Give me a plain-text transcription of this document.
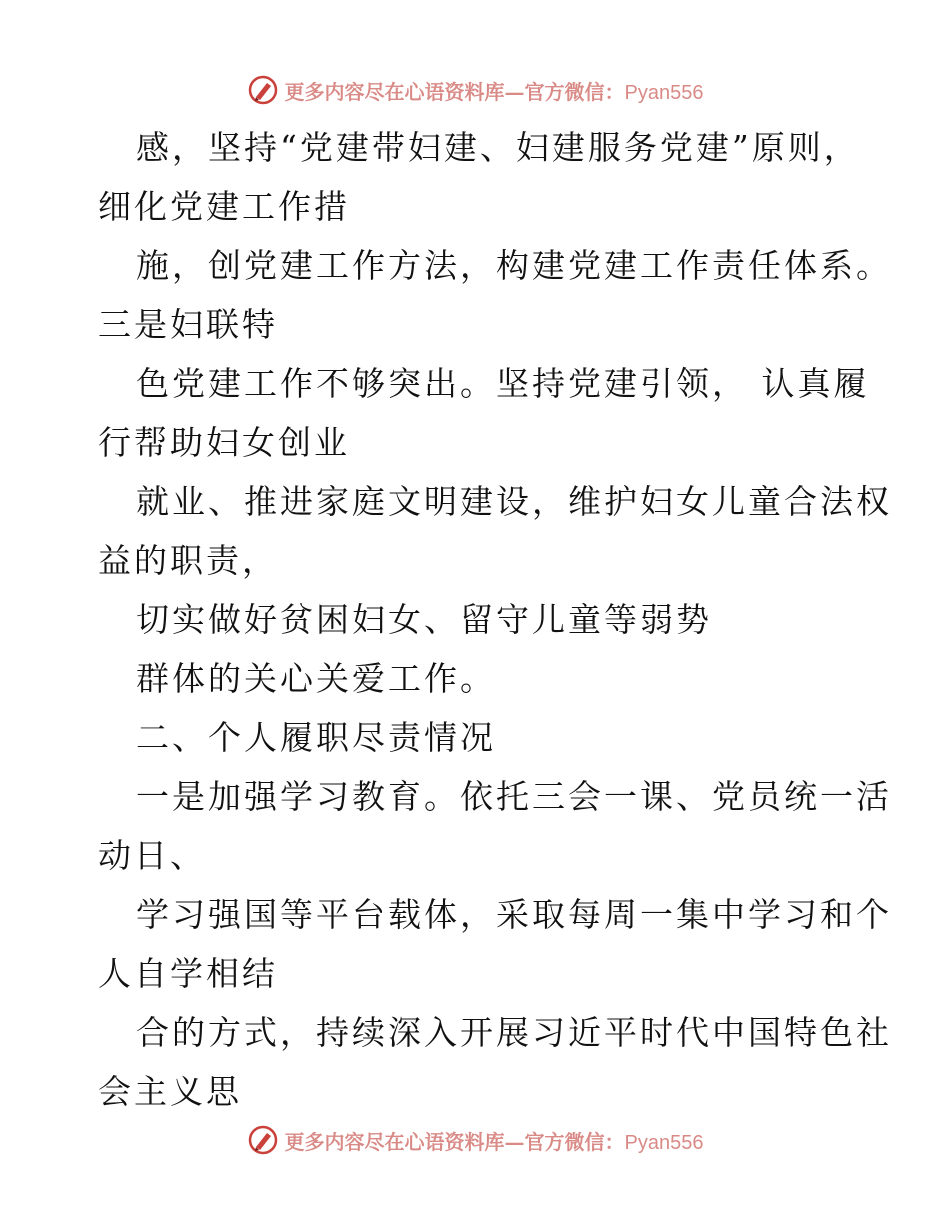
更多内容尽在心语资料库—官方微信：Pyan556
感，坚持“党建带妇建、妇建服务党建”原则，
细化党建工作措
施，创党建工作方法，构建党建工作责任体系。
三是妇联特
色党建工作不够突出。坚持党建引领， 认真履
行帮助妇女创业
就业、推进家庭文明建设，维护妇女儿童合法权
益的职责，
切实做好贫困妇女、留守儿童等弱势
群体的关心关爱工作。
二、个人履职尽责情况
一是加强学习教育。依托三会一课、党员统一活
动日、
学习强国等平台载体，采取每周一集中学习和个
人自学相结
合的方式，持续深入开展习近平时代中国特色社
会主义思
更多内容尽在心语资料库—官方微信：Pyan556
